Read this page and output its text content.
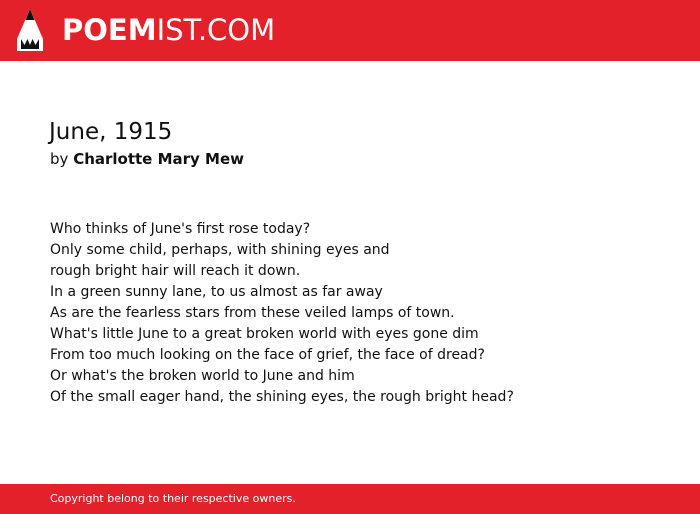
POEMIST.COM
June, 1915
by Charlotte Mary Mew
Who thinks of June's first rose today?
Only some child, perhaps, with shining eyes and
rough bright hair will reach it down.
In a green sunny lane, to us almost as far away
As are the fearless stars from these veiled lamps of town.
What's little June to a great broken world with eyes gone dim
From too much looking on the face of grief, the face of dread?
Or what's the broken world to June and him
Of the small eager hand, the shining eyes, the rough bright head?
Copyright belong to their respective owners.
